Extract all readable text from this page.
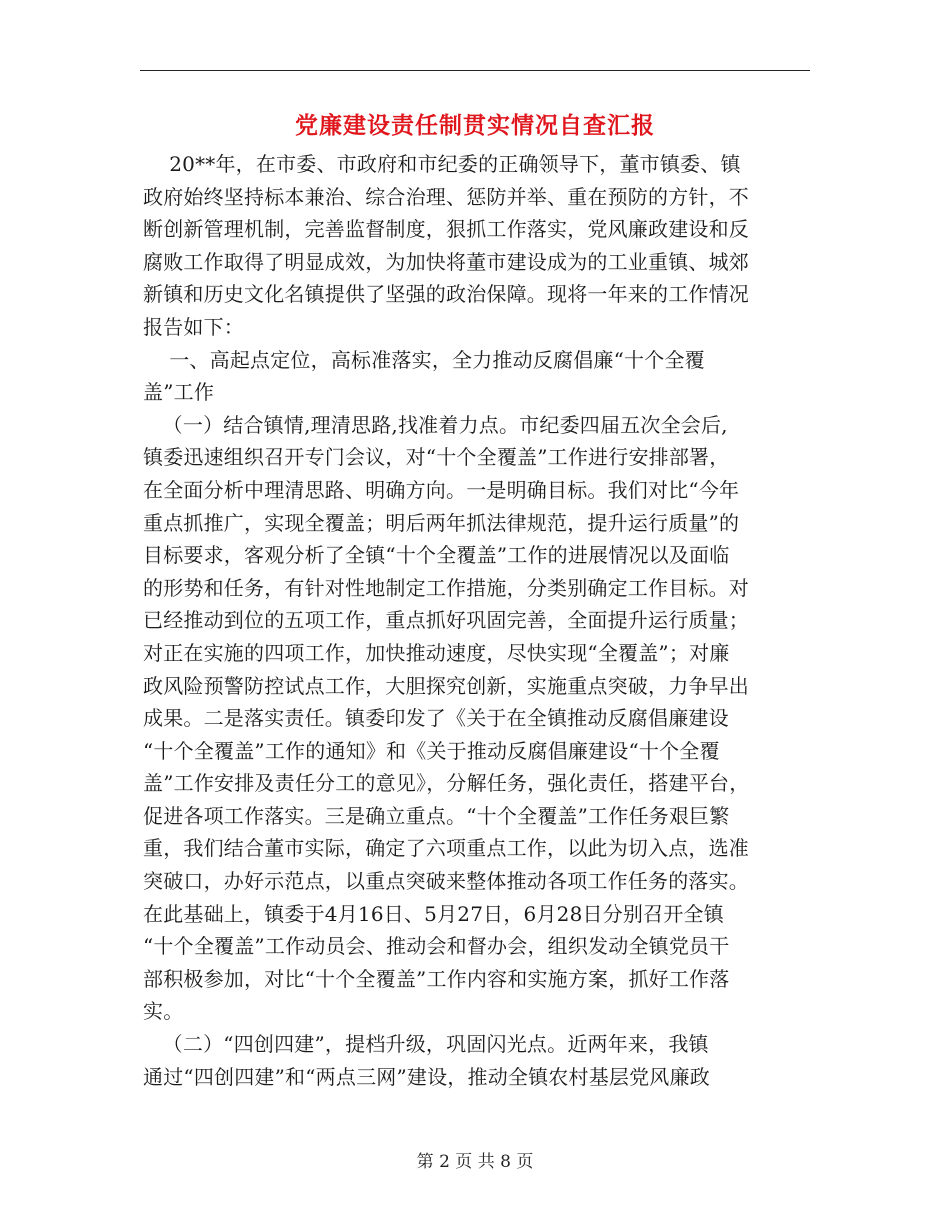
党廉建设责任制贯实情况自查汇报
20**年，在市委、市政府和市纪委的正确领导下，董市镇委、镇
政府始终坚持标本兼治、综合治理、惩防并举、重在预防的方针，不
断创新管理机制，完善监督制度，狠抓工作落实，党风廉政建设和反
腐败工作取得了明显成效，为加快将董市建设成为的工业重镇、城郊
新镇和历史文化名镇提供了坚强的政治保障。现将一年来的工作情况
报告如下：
一、高起点定位，高标准落实，全力推动反腐倡廉“十个全覆
盖”工作
（一）结合镇情,理清思路,找准着力点。市纪委四届五次全会后,
镇委迅速组织召开专门会议，对“十个全覆盖”工作进行安排部署，
在全面分析中理清思路、明确方向。一是明确目标。我们对比“今年
重点抓推广，实现全覆盖；明后两年抓法律规范，提升运行质量”的
目标要求，客观分析了全镇“十个全覆盖”工作的进展情况以及面临
的形势和任务，有针对性地制定工作措施，分类别确定工作目标。对
已经推动到位的五项工作，重点抓好巩固完善，全面提升运行质量；
对正在实施的四项工作，加快推动速度，尽快实现“全覆盖”；对廉
政风险预警防控试点工作，大胆探究创新，实施重点突破，力争早出
成果。二是落实责任。镇委印发了《关于在全镇推动反腐倡廉建设
“十个全覆盖”工作的通知》和《关于推动反腐倡廉建设“十个全覆
盖”工作安排及责任分工的意见》，分解任务，强化责任，搭建平台，
促进各项工作落实。三是确立重点。“十个全覆盖”工作任务艰巨繁
重，我们结合董市实际，确定了六项重点工作，以此为切入点，选准
突破口，办好示范点，以重点突破来整体推动各项工作任务的落实。
在此基础上，镇委于4月16日、5月27日，6月28日分别召开全镇
“十个全覆盖”工作动员会、推动会和督办会，组织发动全镇党员干
部积极参加，对比“十个全覆盖”工作内容和实施方案，抓好工作落
实。
（二）“四创四建”，提档升级，巩固闪光点。近两年来，我镇
通过“四创四建”和“两点三网”建设，推动全镇农村基层党风廉政
第 2 页 共 8 页
